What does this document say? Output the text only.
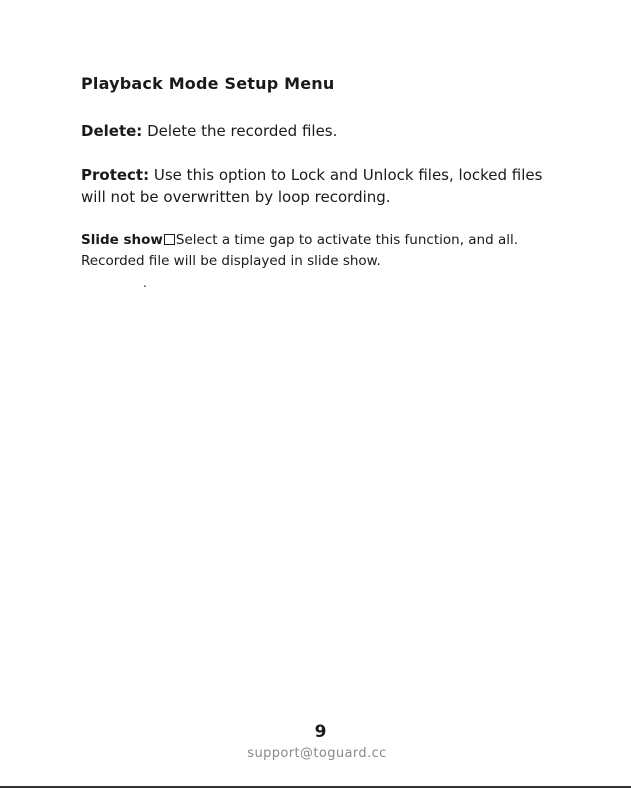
Playback Mode Setup Menu

Delete: Delete the recorded files.

Protect: Use this option to Lock and Unlock files, locked files will not be overwritten by loop recording.

Slide show Select a time gap to activate this function, and all. Recorded file will be displayed in slide show.

.

9

support@toguard.cc
